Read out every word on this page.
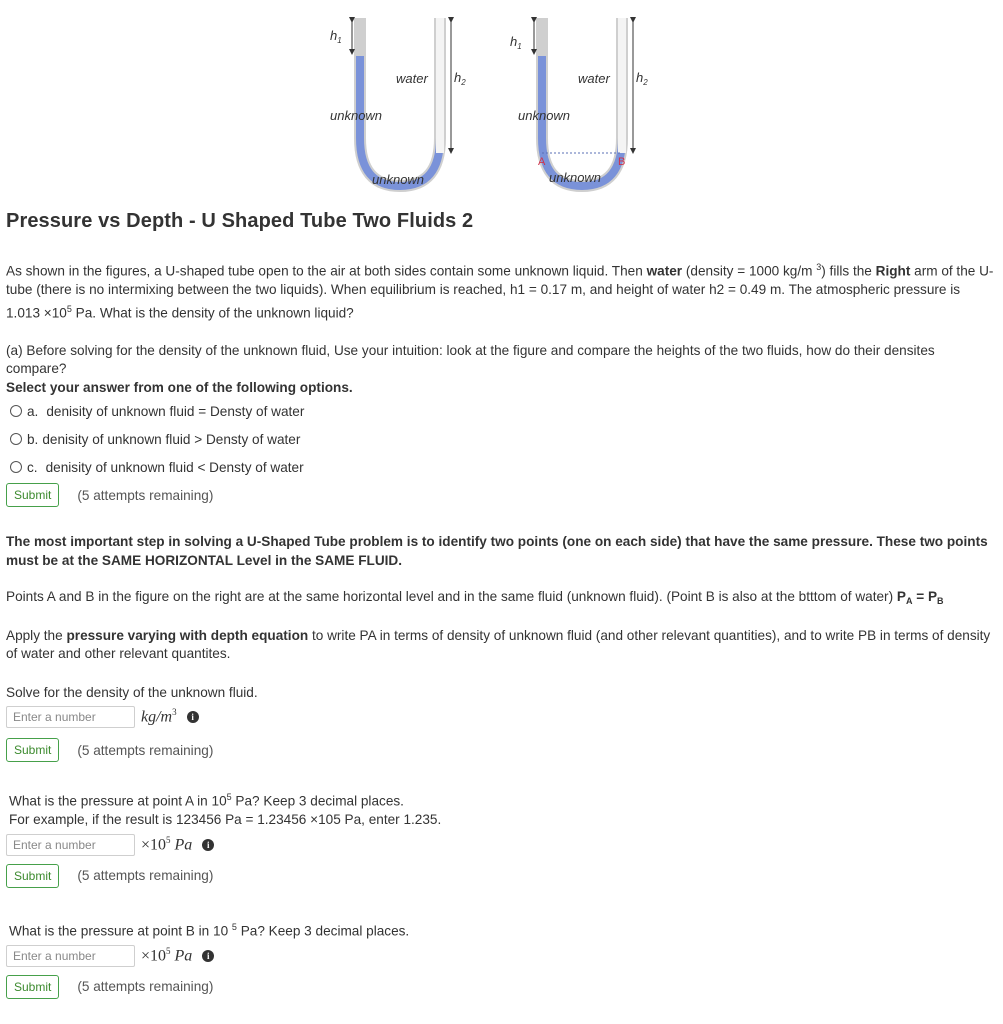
$h_1$
$h_2$
water
unknown
unknown
$h_1$
$h_2$
water
unknown
unknown
A	B
Pressure vs Depth - U Shaped Tube Two Fluids 2

As shown in the figures, a U-shaped tube open to the air at both sides contain some unknown liquid. Then water (density = 1000 kg/m $^3$) fills the Right arm of the U-tube (there is no intermixing between the two liquids). When equilibrium is reached, h1 = 0.17 m, and height of water h2 = 0.49 m. The atmospheric pressure is $1.013 \times 10^5$ Pa. What is the density of the unknown liquid?

(a) Before solving for the density of the unknown fluid, Use your intuition: look at the figure and compare the heights of the two fluids, how do their densites compare?

Select your answer from one of the following options.

a. denisity of unknown fluid = Densty of water
b. denisity of unknown fluid > Densty of water
c. denisity of unknown fluid < Densty of water
Submit	(5 attempts remaining)

The most important step in solving a U-Shaped Tube problem is to identify two points (one on each side) that have the same pressure. These two points must be at the SAME HORIZONTAL Level in the SAME FLUID.

Points A and B in the figure on the right are at the same horizontal level and in the same fluid (unknown fluid). (Point B is also at the btttom of water) $P_A = P_B$

Apply the pressure varying with depth equation to write PA in terms of density of unknown fluid (and other relevant quantities), and to write PB in terms of density of water and other relevant quantites.

Solve for the density of the unknown fluid.

Enter a number
$kg/m^3$	i
Submit	(5 attempts remaining)

What is the pressure at point A in $10^5$ Pa? Keep 3 decimal places.

For example, if the result is 123456 Pa = 1.23456 ×105 Pa, enter 1.235.

Enter a number
$\times 10^5$ Pa	i
Submit	(5 attempts remaining)

What is the pressure at point B in 10 $^5$ Pa? Keep 3 decimal places.

Enter a number
$\times 10^5$ Pa	i
Submit	(5 attempts remaining)
